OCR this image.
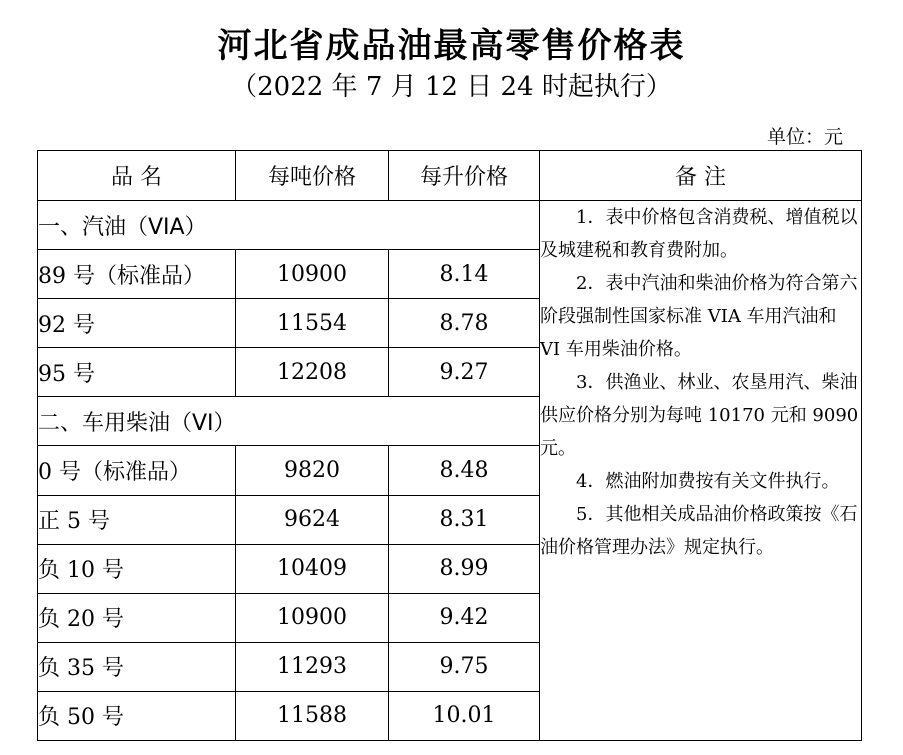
河北省成品油最高零售价格表
（2022 年 7 月 12 日 24 时起执行）
单位：元
品 名	每吨价格	每升价格	备 注
一、汽油（VIA）			1．表中价格包含消费税、增值税以及城建税和教育费附加。

2．表中汽油和柴油价格为符合第六阶段强制性国家标准 VIA 车用汽油和 VI 车用柴油价格。

3．供渔业、林业、农垦用汽、柴油供应价格分别为每吨 10170 元和 9090 元。

4．燃油附加费按有关文件执行。

5．其他相关成品油价格政策按《石油价格管理办法》规定执行。

89 号（标准品）	10900	8.14	
92 号	11554	8.78	
95 号	12208	9.27	
二、车用柴油（VI）			
0 号（标准品）	9820	8.48	
正 5 号	9624	8.31	
负 10 号	10409	8.99	
负 20 号	10900	9.42	
负 35 号	11293	9.75	
负 50 号	11588	10.01	
